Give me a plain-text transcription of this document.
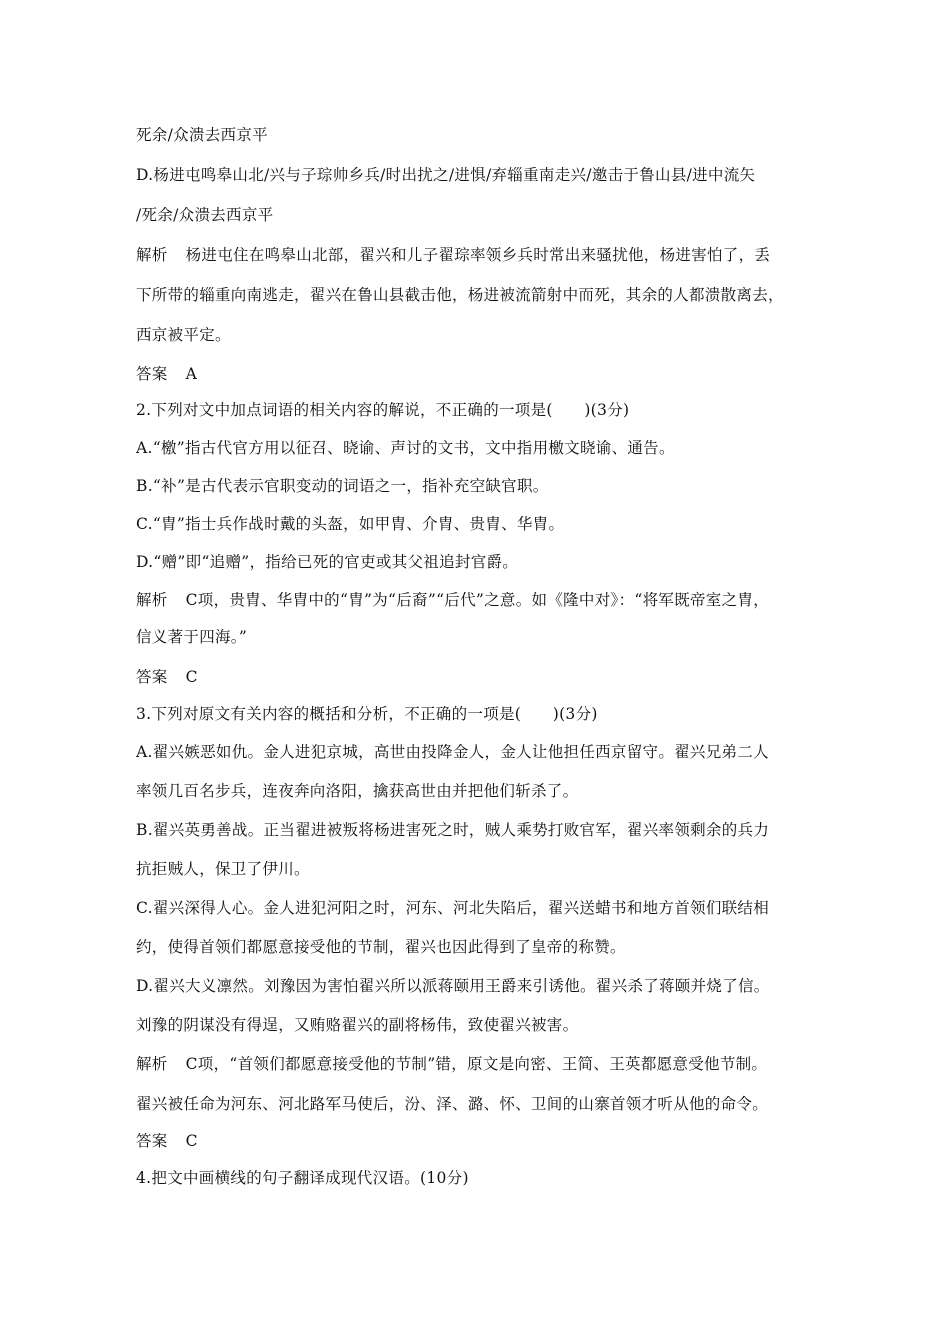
死余/众溃去西京平
D.杨进屯鸣皋山北/兴与子琮帅乡兵/时出扰之/进惧/弃辎重南走兴/邀击于鲁山县/进中流矢
/死余/众溃去西京平
解析 杨进屯住在鸣皋山北部，翟兴和儿子翟琮率领乡兵时常出来骚扰他，杨进害怕了，丢
下所带的辎重向南逃走，翟兴在鲁山县截击他，杨进被流箭射中而死，其余的人都溃散离去，
西京被平定。
答案 A
2.下列对文中加点词语的相关内容的解说，不正确的一项是(　　)(3分)
A.“檄”指古代官方用以征召、晓谕、声讨的文书，文中指用檄文晓谕、通告。
B.“补”是古代表示官职变动的词语之一，指补充空缺官职。
C.“胄”指士兵作战时戴的头盔，如甲胄、介胄、贵胄、华胄。
D.“赠”即“追赠”，指给已死的官吏或其父祖追封官爵。
解析 C项，贵胄、华胄中的“胄”为“后裔”“后代”之意。如《隆中对》：“将军既帝室之胄，
信义著于四海。”
答案 C
3.下列对原文有关内容的概括和分析，不正确的一项是(　　)(3分)
A.翟兴嫉恶如仇。金人进犯京城，高世由投降金人，金人让他担任西京留守。翟兴兄弟二人
率领几百名步兵，连夜奔向洛阳，擒获高世由并把他们斩杀了。
B.翟兴英勇善战。正当翟进被叛将杨进害死之时，贼人乘势打败官军，翟兴率领剩余的兵力
抗拒贼人，保卫了伊川。
C.翟兴深得人心。金人进犯河阳之时，河东、河北失陷后，翟兴送蜡书和地方首领们联结相
约，使得首领们都愿意接受他的节制，翟兴也因此得到了皇帝的称赞。
D.翟兴大义凛然。刘豫因为害怕翟兴所以派蒋颐用王爵来引诱他。翟兴杀了蒋颐并烧了信。
刘豫的阴谋没有得逞，又贿赂翟兴的副将杨伟，致使翟兴被害。
解析 C项，“首领们都愿意接受他的节制”错，原文是向密、王简、王英都愿意受他节制。
翟兴被任命为河东、河北路军马使后，汾、泽、潞、怀、卫间的山寨首领才听从他的命令。
答案 C
4.把文中画横线的句子翻译成现代汉语。(10分)
